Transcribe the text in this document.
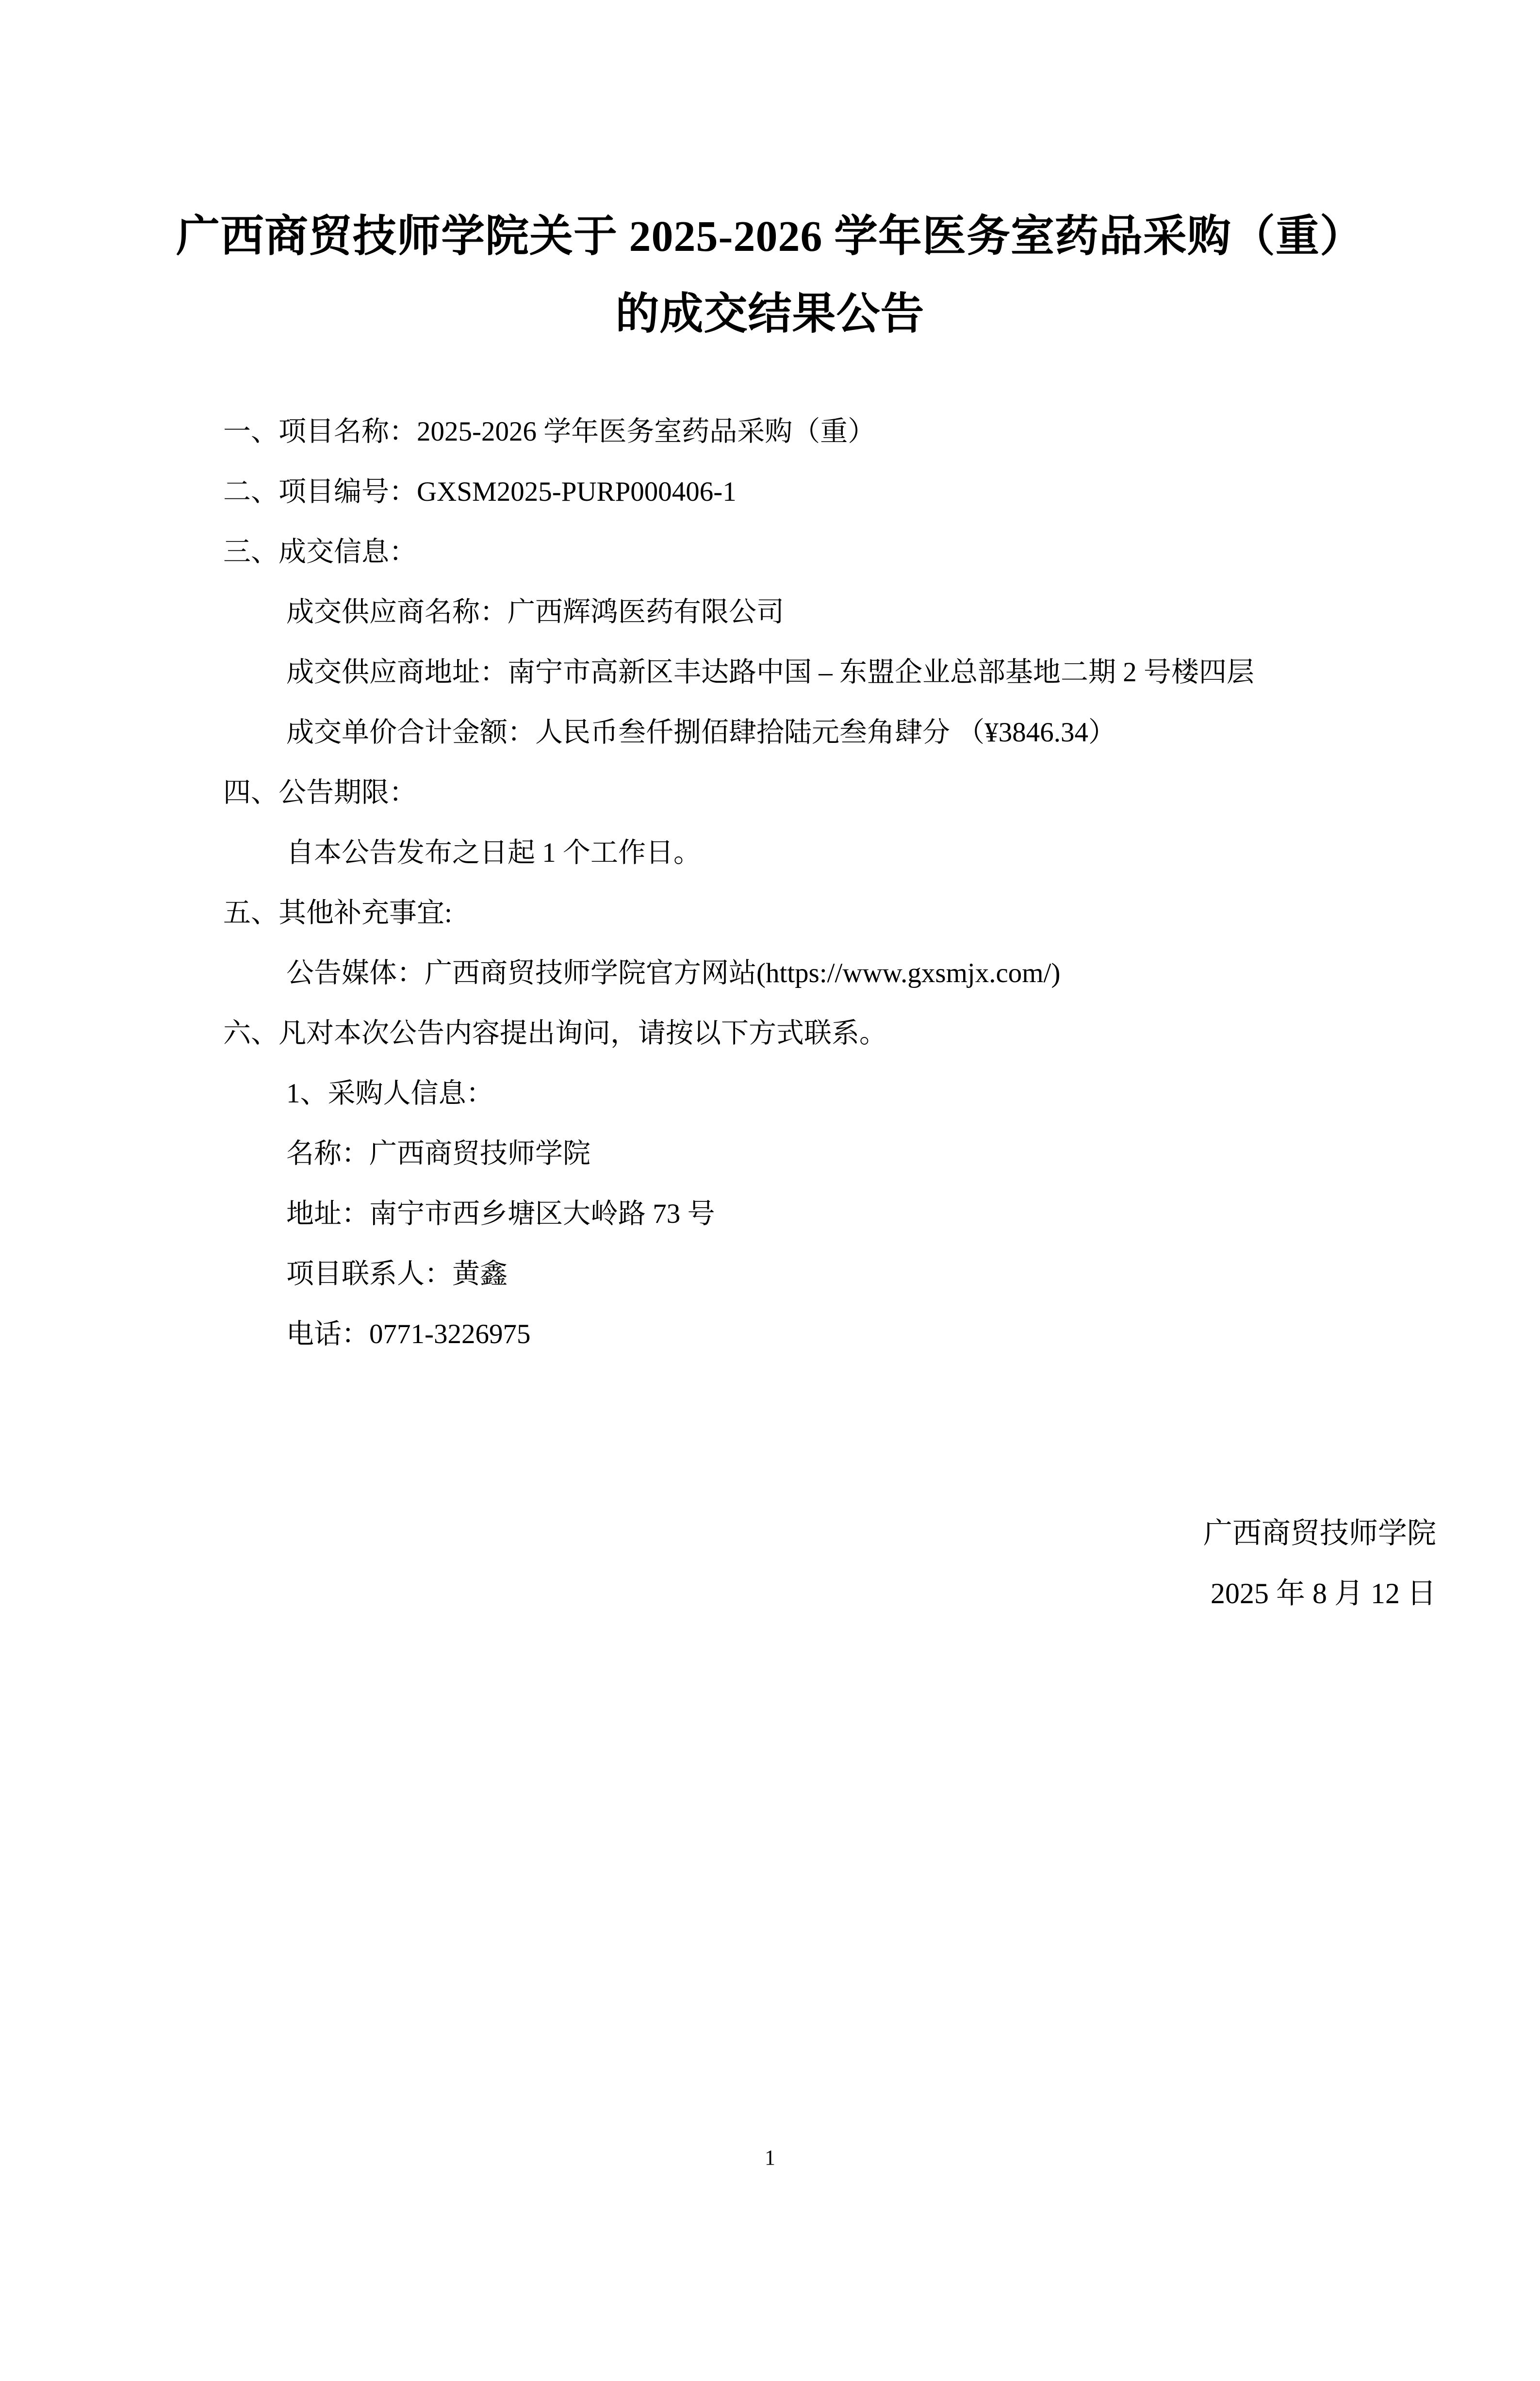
广西商贸技师学院关于 2025-2026 学年医务室药品采购（重）
的成交结果公告

一、项目名称：2025-2026 学年医务室药品采购（重）

二、项目编号：GXSM2025-PURP000406-1

三、成交信息：

成交供应商名称：广西辉鸿医药有限公司

成交供应商地址：南宁市高新区丰达路中国 – 东盟企业总部基地二期 2 号楼四层

成交单价合计金额：人民币叁仟捌佰肆拾陆元叁角肆分 （¥3846.34）

四、公告期限：

自本公告发布之日起 1 个工作日。

五、其他补充事宜:

公告媒体：广西商贸技师学院官方网站(https://www.gxsmjx.com/)

六、凡对本次公告内容提出询问，请按以下方式联系。

1、采购人信息：

名称：广西商贸技师学院

地址：南宁市西乡塘区大岭路 73 号

项目联系人：黄鑫

电话：0771-3226975

广西商贸技师学院
2025 年 8 月 12 日
1
